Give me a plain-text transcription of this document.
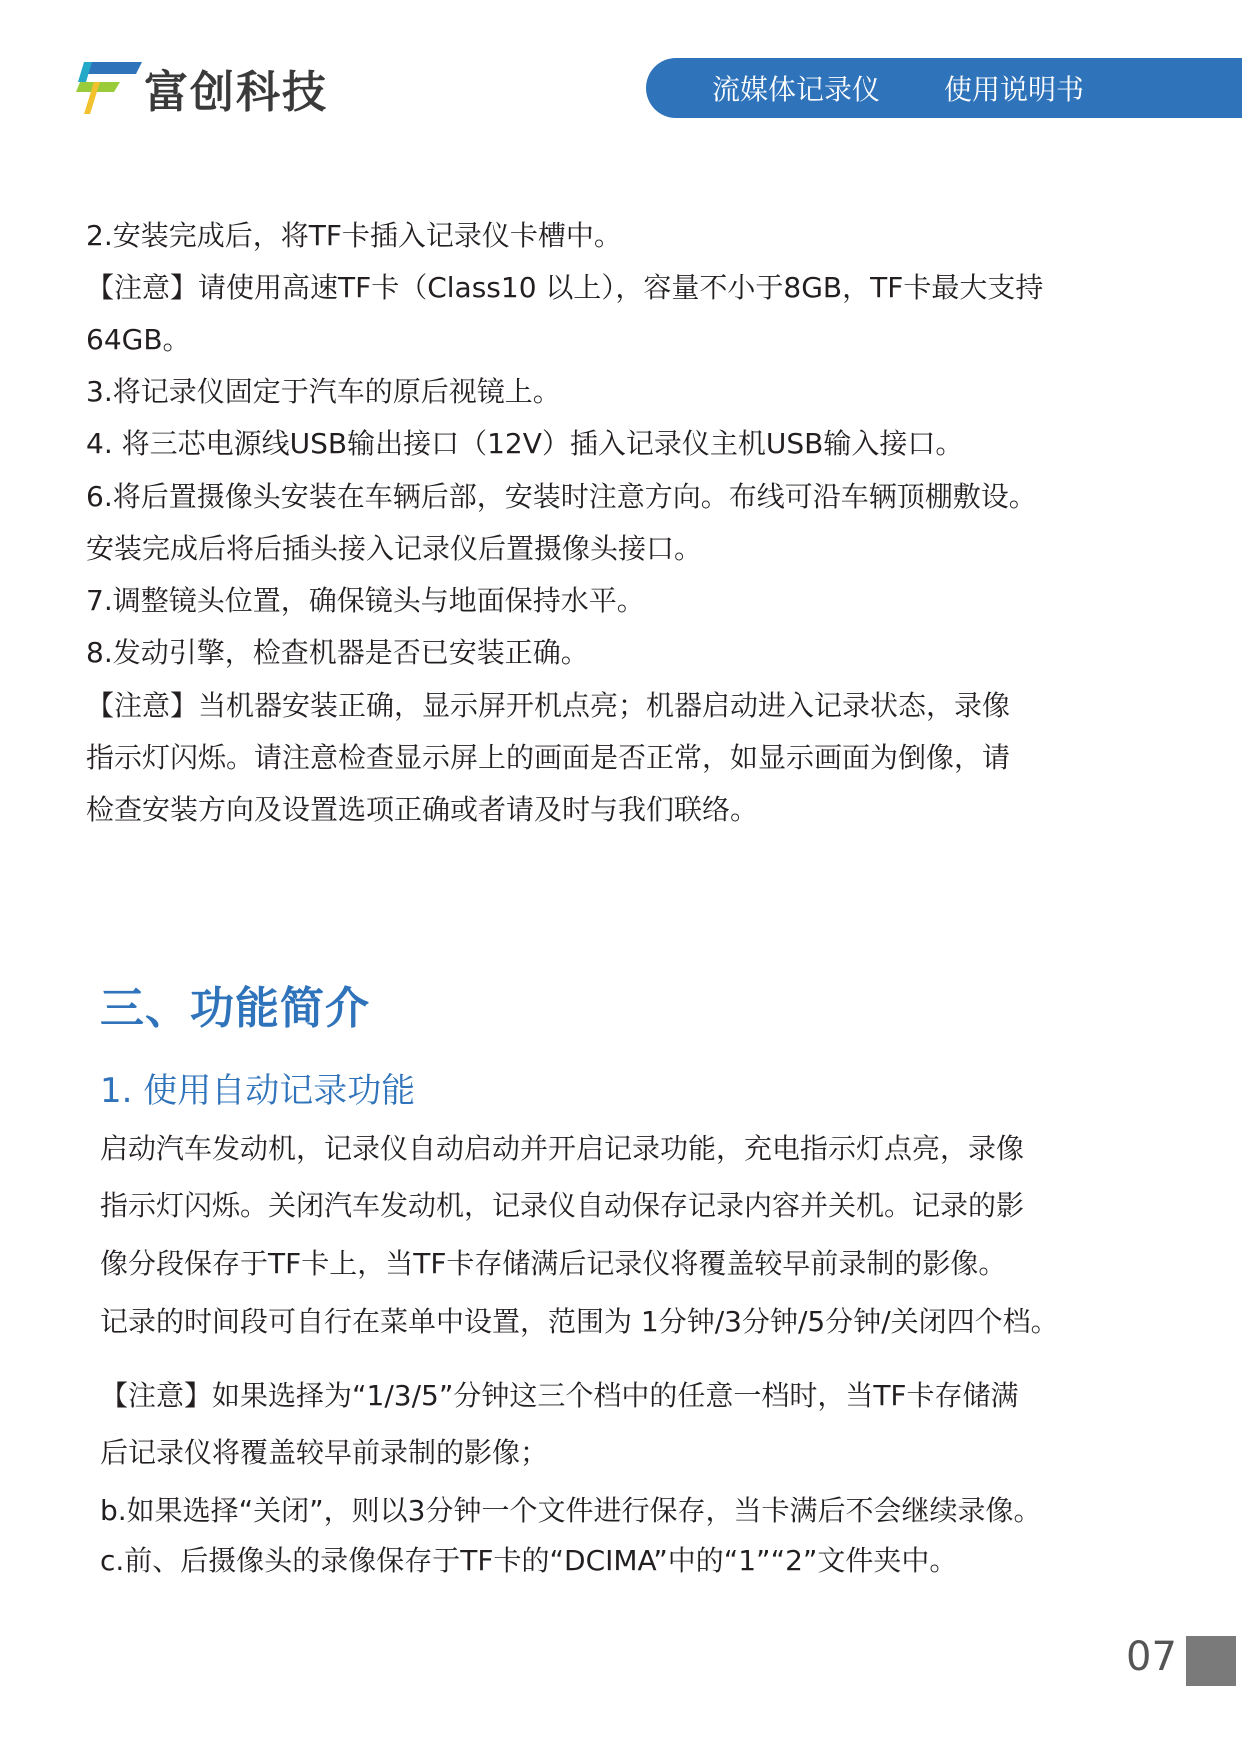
富创科技	流媒体记录仪 使用说明书
2.安装完成后，将TF卡插入记录仪卡槽中。
【注意】请使用高速TF卡（Class10 以上），容量不小于8GB，TF卡最大支持
64GB。
3.将记录仪固定于汽车的原后视镜上。
4. 将三芯电源线USB输出接口（12V）插入记录仪主机USB输入接口。
6.将后置摄像头安装在车辆后部，安装时注意方向。布线可沿车辆顶棚敷设。
安装完成后将后插头接入记录仪后置摄像头接口。
7.调整镜头位置，确保镜头与地面保持水平。
8.发动引擎，检查机器是否已安装正确。
【注意】当机器安装正确，显示屏开机点亮；机器启动进入记录状态，录像
指示灯闪烁。请注意检查显示屏上的画面是否正常，如显示画面为倒像，请
检查安装方向及设置选项正确或者请及时与我们联络。
三、功能简介
1. 使用自动记录功能
启动汽车发动机，记录仪自动启动并开启记录功能，充电指示灯点亮，录像
指示灯闪烁。关闭汽车发动机，记录仪自动保存记录内容并关机。记录的影
像分段保存于TF卡上，当TF卡存储满后记录仪将覆盖较早前录制的影像。
记录的时间段可自行在菜单中设置，范围为 1分钟/3分钟/5分钟/关闭四个档。
【注意】如果选择为“1/3/5”分钟这三个档中的任意一档时，当TF卡存储满
后记录仪将覆盖较早前录制的影像；
b.如果选择“关闭”，则以3分钟一个文件进行保存，当卡满后不会继续录像。
c.前、后摄像头的录像保存于TF卡的“DCIMA”中的“1”“2”文件夹中。
07
